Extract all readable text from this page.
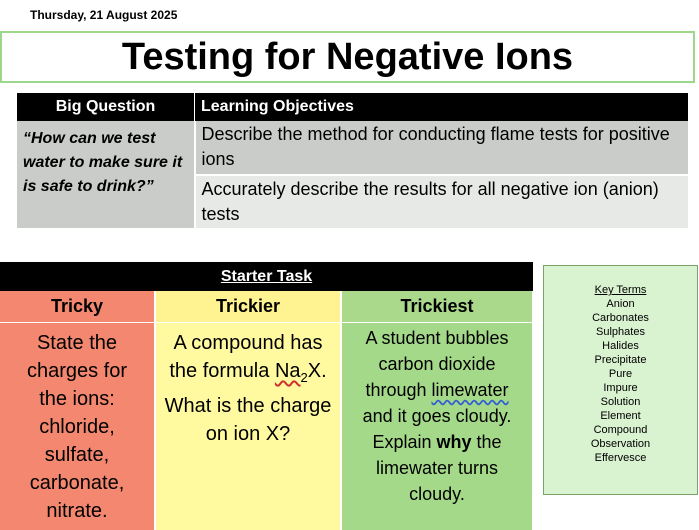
Thursday, 21 August 2025
Testing for Negative Ions
Big Question	Learning Objectives
“How can we test water to make sure it is safe to drink?”	Describe the method for conducting flame tests for positive ions
	Accurately describe the results for all negative ion (anion) tests
Starter Task		
Tricky	Trickier	Trickiest

State the charges for the ions: chloride, sulfate, carbonate, nitrate.	A compound has the formula $Na_2X$. What is the charge on ion X?	A student bubbles carbon dioxide through limewater and it goes cloudy. Explain why the limewater turns cloudy.
Key Terms
Anion
Carbonates
Sulphates
Halides
Precipitate
Pure
Impure
Solution
Element
Compound
Observation
Effervesce
